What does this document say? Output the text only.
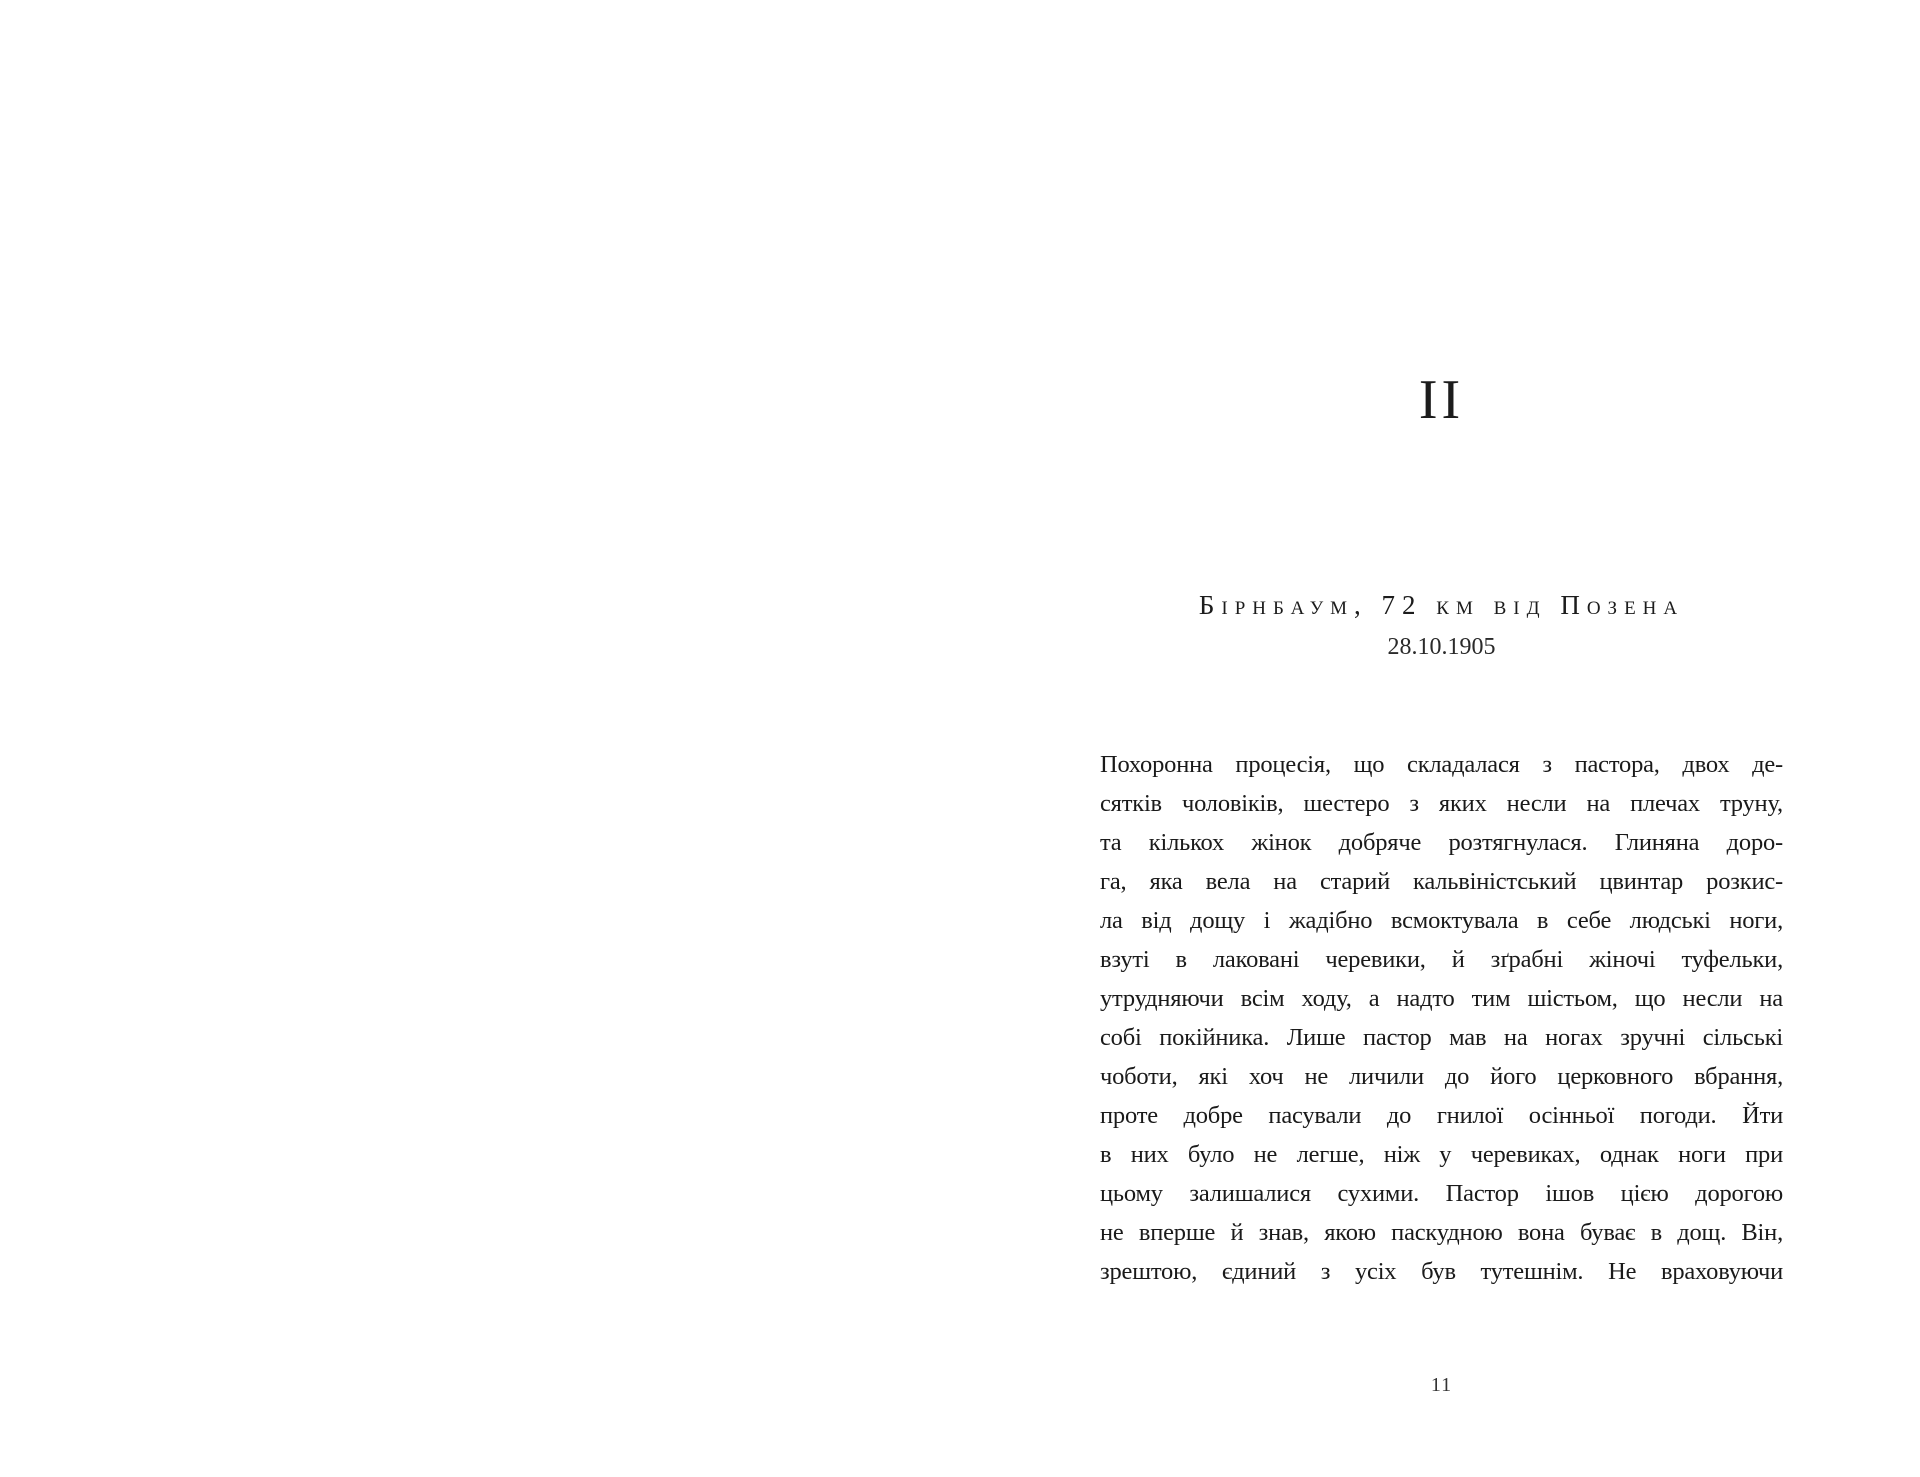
II
Бірнбаум, 72 км від Позена
28.10.1905
Похоронна процесія, що складалася з пастора, двох де-
сятків чоловіків, шестеро з яких несли на плечах труну,
та кількох жінок добряче розтягнулася. Глиняна доро-
га, яка вела на старий кальвіністський цвинтар розкис-
ла від дощу і жадібно всмоктувала в себе людські ноги,
взуті в лаковані черевики, й зґрабні жіночі туфельки,
утрудняючи всім ходу, а надто тим шістьом, що несли на
собі покійника. Лише пастор мав на ногах зручні сільські
чоботи, які хоч не личили до його церковного вбрання,
проте добре пасували до гнилої осінньої погоди. Йти
в них було не легше, ніж у черевиках, однак ноги при
цьому залишалися сухими. Пастор ішов цією дорогою
не вперше й знав, якою паскудною вона буває в дощ. Він,
зрештою, єдиний з усіх був тутешнім. Не враховуючи
11
